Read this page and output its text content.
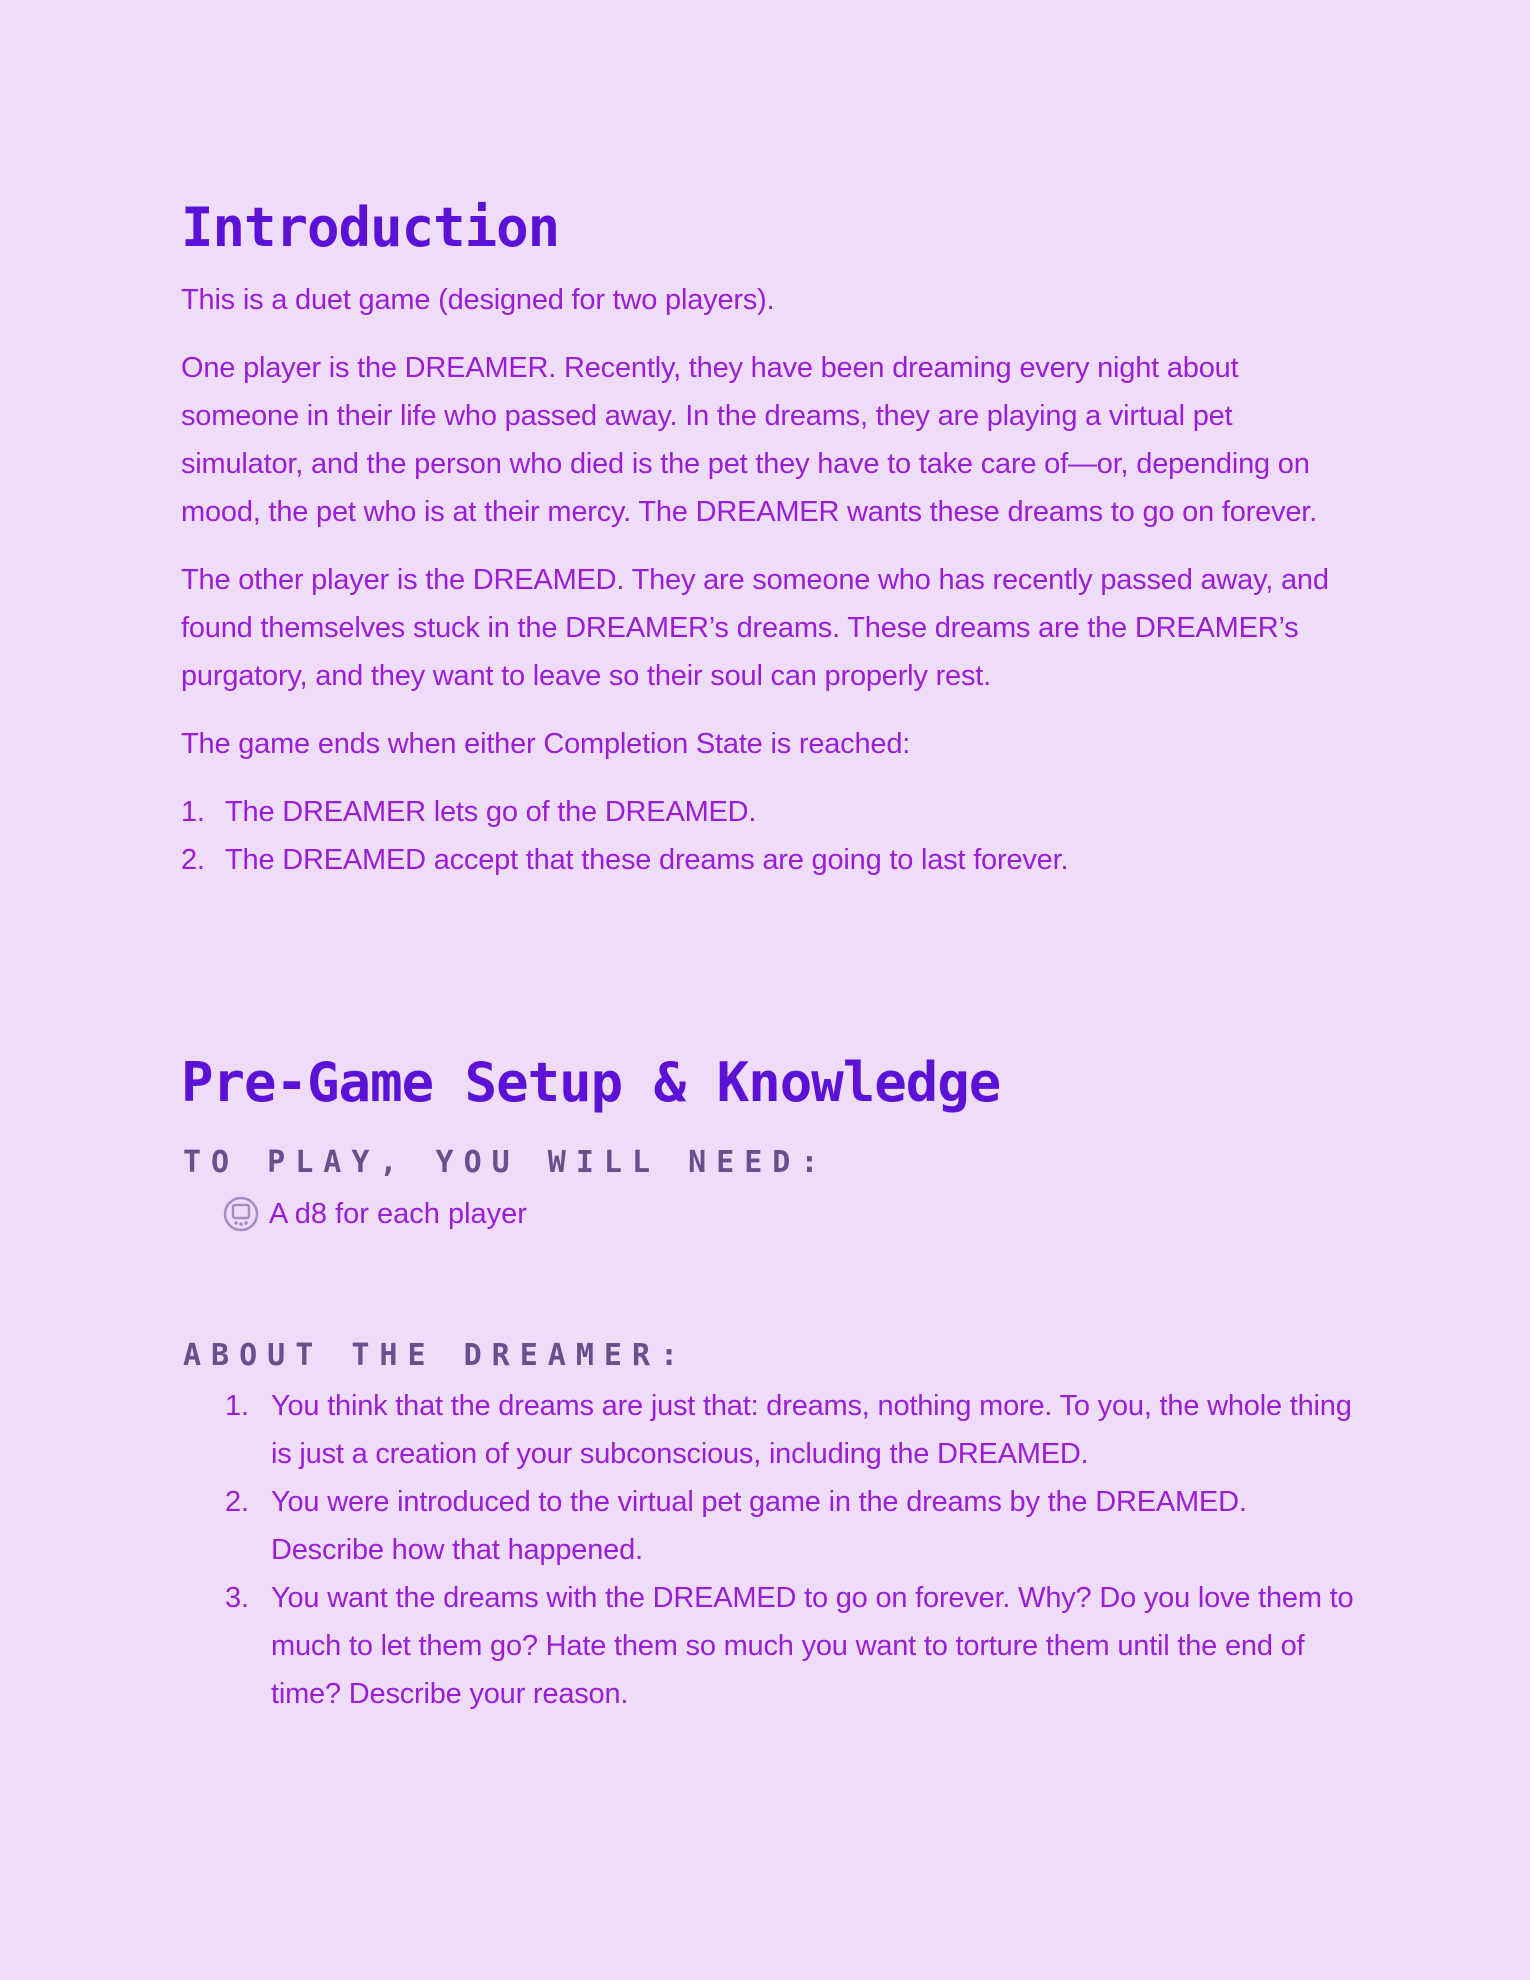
Introduction

This is a duet game (designed for two players).

One player is the DREAMER. Recently, they have been dreaming every night about someone in their life who passed away. In the dreams, they are playing a virtual pet simulator, and the person who died is the pet they have to take care of—or, depending on mood, the pet who is at their mercy. The DREAMER wants these dreams to go on forever.

The other player is the DREAMED. They are someone who has recently passed away, and found themselves stuck in the DREAMER’s dreams. These dreams are the DREAMER’s purgatory, and they want to leave so their soul can properly rest.

The game ends when either Completion State is reached:

1. The DREAMER lets go of the DREAMED.
2. The DREAMED accept that these dreams are going to last forever.
Pre-Game Setup & Knowledge
TO PLAY, YOU WILL NEED:
A d8 for each player
ABOUT THE DREAMER:
1. You think that the dreams are just that: dreams, nothing more. To you, the whole thing is just a creation of your subconscious, including the DREAMED.
2. You were introduced to the virtual pet game in the dreams by the DREAMED. Describe how that happened.
3. You want the dreams with the DREAMED to go on forever. Why? Do you love them to much to let them go? Hate them so much you want to torture them until the end of time? Describe your reason.
